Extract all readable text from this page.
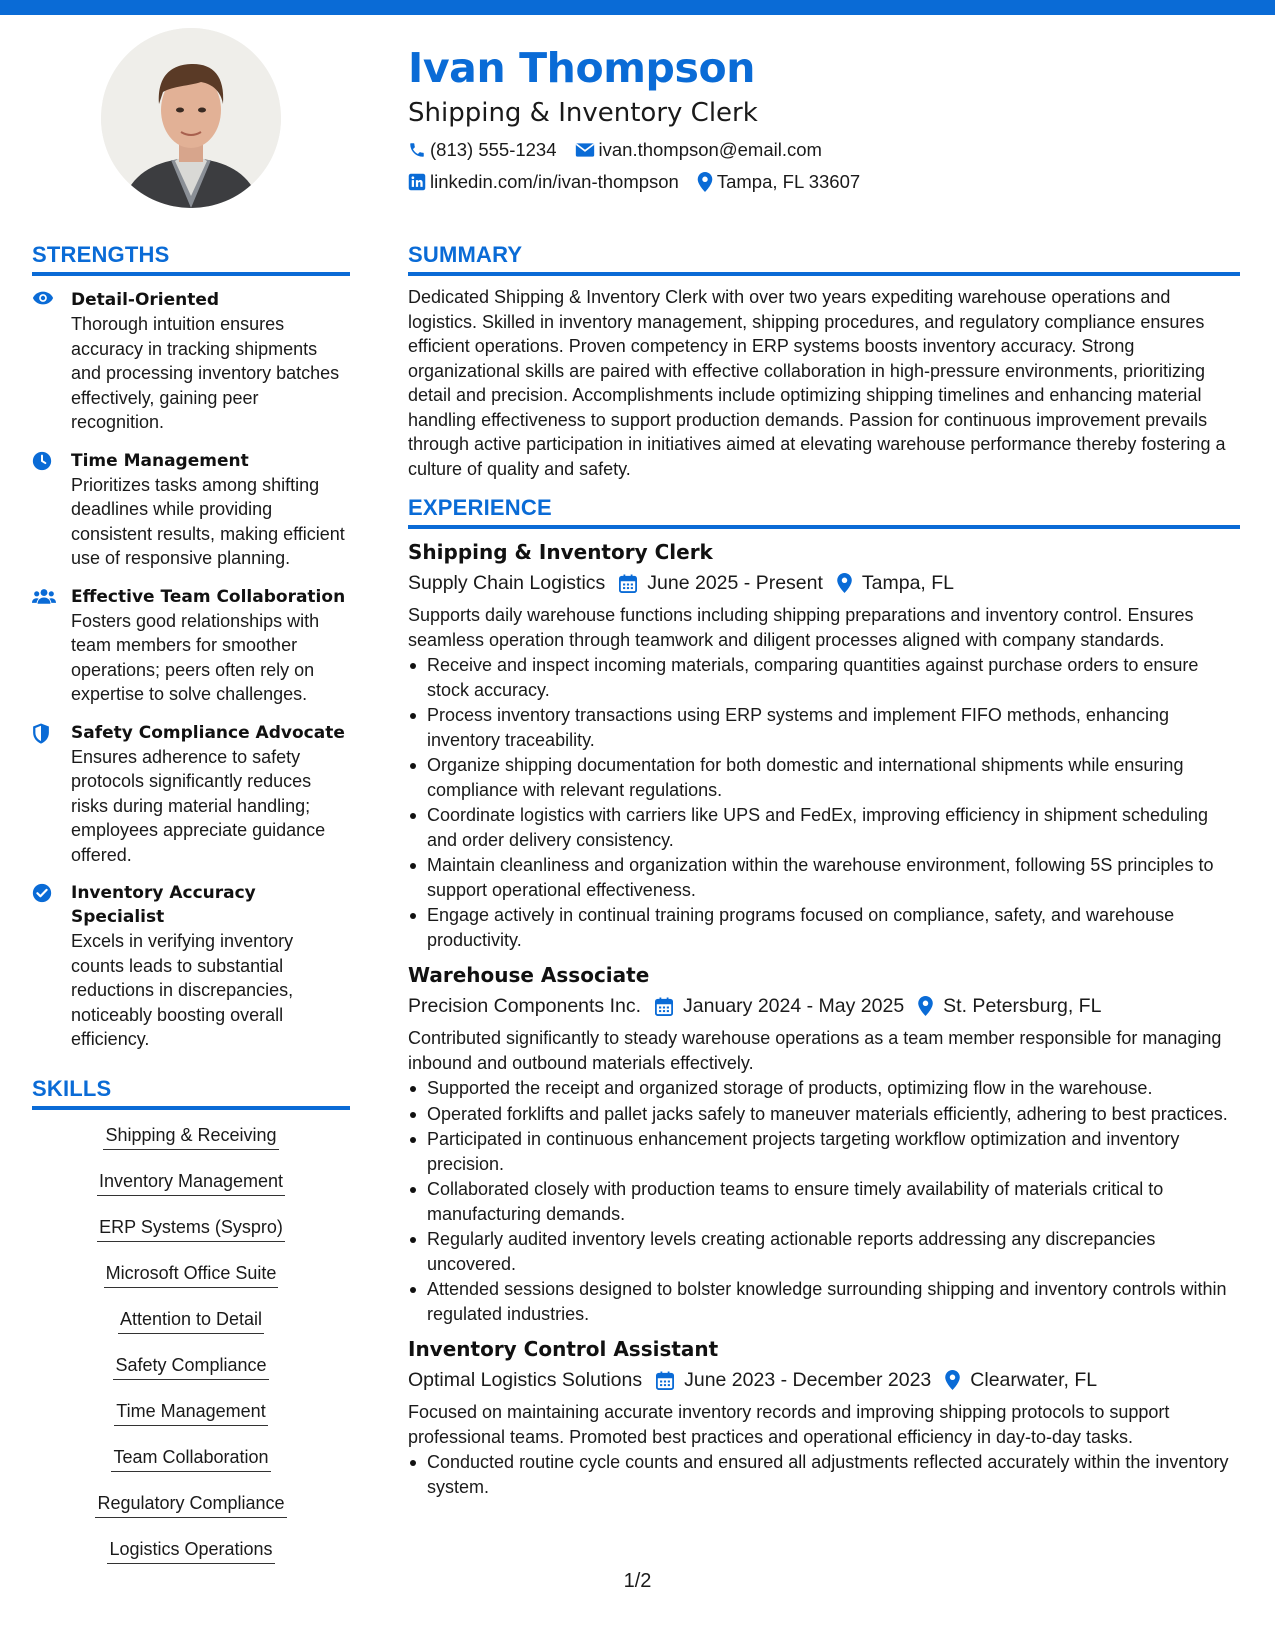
Ivan Thompson
Shipping & Inventory Clerk
(813) 555-1234 ivan.thompson@email.com
linkedin.com/in/ivan-thompson Tampa, FL 33607
STRENGTHS
Detail-Oriented
Thorough intuition ensures accuracy in tracking shipments and processing inventory batches effectively, gaining peer recognition.
Time Management
Prioritizes tasks among shifting deadlines while providing consistent results, making efficient use of responsive planning.
Effective Team Collaboration
Fosters good relationships with team members for smoother operations; peers often rely on expertise to solve challenges.
Safety Compliance Advocate
Ensures adherence to safety protocols significantly reduces risks during material handling; employees appreciate guidance offered.
Inventory Accuracy Specialist
Excels in verifying inventory counts leads to substantial reductions in discrepancies, noticeably boosting overall efficiency.
SKILLS
Shipping & Receiving
Inventory Management
ERP Systems (Syspro)
Microsoft Office Suite
Attention to Detail
Safety Compliance
Time Management
Team Collaboration
Regulatory Compliance
Logistics Operations
SUMMARY
Dedicated Shipping & Inventory Clerk with over two years expediting warehouse operations and logistics. Skilled in inventory management, shipping procedures, and regulatory compliance ensures efficient operations. Proven competency in ERP systems boosts inventory accuracy. Strong organizational skills are paired with effective collaboration in high-pressure environments, prioritizing detail and precision. Accomplishments include optimizing shipping timelines and enhancing material handling effectiveness to support production demands. Passion for continuous improvement prevails through active participation in initiatives aimed at elevating warehouse performance thereby fostering a culture of quality and safety.
EXPERIENCE
Shipping & Inventory Clerk
Supply Chain Logistics June 2025 - Present Tampa, FL
Supports daily warehouse functions including shipping preparations and inventory control. Ensures seamless operation through teamwork and diligent processes aligned with company standards.
Receive and inspect incoming materials, comparing quantities against purchase orders to ensure stock accuracy.
Process inventory transactions using ERP systems and implement FIFO methods, enhancing inventory traceability.
Organize shipping documentation for both domestic and international shipments while ensuring compliance with relevant regulations.
Coordinate logistics with carriers like UPS and FedEx, improving efficiency in shipment scheduling and order delivery consistency.
Maintain cleanliness and organization within the warehouse environment, following 5S principles to support operational effectiveness.
Engage actively in continual training programs focused on compliance, safety, and warehouse productivity.
Warehouse Associate
Precision Components Inc. January 2024 - May 2025 St. Petersburg, FL
Contributed significantly to steady warehouse operations as a team member responsible for managing inbound and outbound materials effectively.
Supported the receipt and organized storage of products, optimizing flow in the warehouse.
Operated forklifts and pallet jacks safely to maneuver materials efficiently, adhering to best practices.
Participated in continuous enhancement projects targeting workflow optimization and inventory precision.
Collaborated closely with production teams to ensure timely availability of materials critical to manufacturing demands.
Regularly audited inventory levels creating actionable reports addressing any discrepancies uncovered.
Attended sessions designed to bolster knowledge surrounding shipping and inventory controls within regulated industries.
Inventory Control Assistant
Optimal Logistics Solutions June 2023 - December 2023 Clearwater, FL
Focused on maintaining accurate inventory records and improving shipping protocols to support professional teams. Promoted best practices and operational efficiency in day-to-day tasks.
Conducted routine cycle counts and ensured all adjustments reflected accurately within the inventory system.
1/2
